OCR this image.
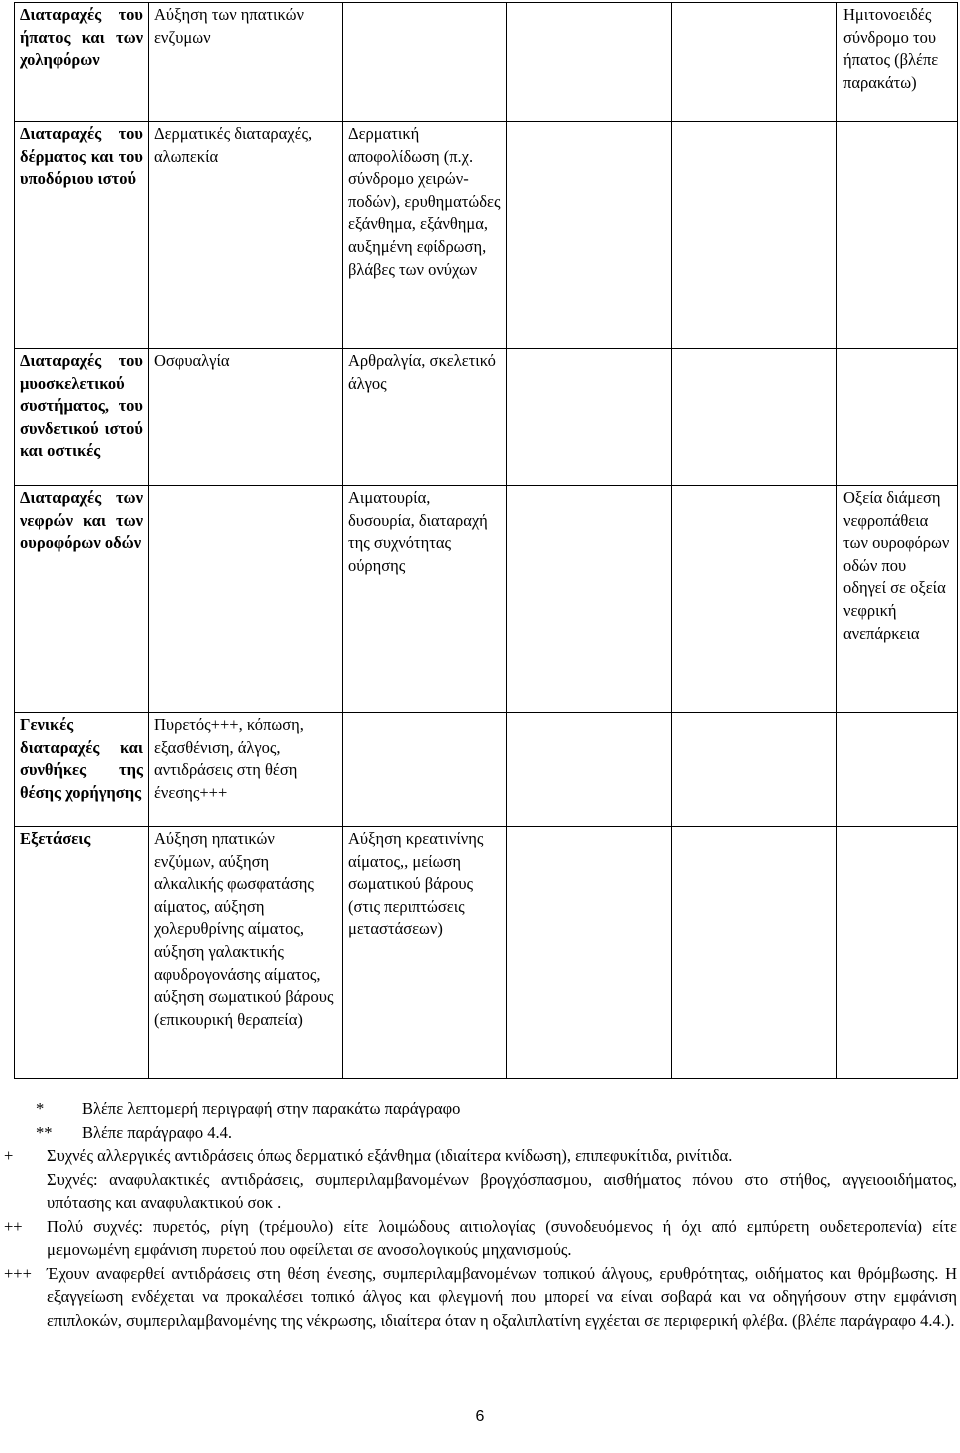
Διαταραχές του ήπατος και των χοληφόρων	Αύξηση των ηπατικών ενζυμων				Ημιτονοειδές σύνδρομο του ήπατος (βλέπε παρακάτω)

Διαταραχές του δέρματος και του υποδόριου ιστού	Δερματικές διαταραχές, αλωπεκία	Δερματική αποφολίδωση (π.χ. σύνδρομο χειρών-ποδών), ερυθηματώδες εξάνθημα, εξάνθημα, αυξημένη εφίδρωση, βλάβες των ονύχων			

Διαταραχές του μυοσκελετικού συστήματος, του συνδετικού ιστού και οστικές	Οσφυαλγία	Αρθραλγία, σκελετικό άλγος			

Διαταραχές των νεφρών και των ουροφόρων οδών		Αιματουρία, δυσουρία, διαταραχή της συχνότητας ούρησης			Οξεία διάμεση νεφροπάθεια των ουροφόρων οδών που οδηγεί σε οξεία νεφρική ανεπάρκεια

Γενικές διαταραχές και συνθήκες της θέσης χορήγησης	Πυρετός+++, κόπωση, εξασθένιση, άλγος, αντιδράσεις στη θέση ένεσης+++				

Εξετάσεις	Αύξηση ηπατικών ενζύμων, αύξηση αλκαλικής φωσφατάσης αίματος, αύξηση χολερυθρίνης αίματος, αύξηση γαλακτικής αφυδρογονάσης αίματος, αύξηση σωματικού βάρους (επικουρική θεραπεία)	Αύξηση κρεατινίνης αίματος,, μείωση σωματικού βάρους (στις περιπτώσεις μεταστάσεων)			

*	Βλέπε λεπτομερή περιγραφή στην παρακάτω παράγραφο
**	Βλέπε παράγραφο 4.4.
+	Συχνές αλλεργικές αντιδράσεις όπως δερματικό εξάνθημα (ιδιαίτερα κνίδωση), επιπεφυκίτιδα, ρινίτιδα.
Συχνές: αναφυλακτικές αντιδράσεις, συμπεριλαμβανομένων βρογχόσπασμου, αισθήματος πόνου στο στήθος, αγγειοοιδήματος, υπότασης και αναφυλακτικού σοκ .
++	Πολύ συχνές: πυρετός, ρίγη (τρέμουλο) είτε λοιμώδους αιτιολογίας (συνοδευόμενος ή όχι από εμπύρετη ουδετεροπενία) είτε μεμονωμένη εμφάνιση πυρετού που οφείλεται σε ανοσολογικούς μηχανισμούς.
+++ Έχουν αναφερθεί αντιδράσεις στη θέση ένεσης, συμπεριλαμβανομένων τοπικού άλγους, ερυθρότητας, οιδήματος και θρόμβωσης. Η εξαγγείωση ενδέχεται να προκαλέσει τοπικό άλγος και φλεγμονή που μπορεί να είναι σοβαρά και να οδηγήσουν στην εμφάνιση επιπλοκών, συμπεριλαμβανομένης της νέκρωσης, ιδιαίτερα όταν η οξαλιπλατίνη εγχέεται σε περιφερική φλέβα. (βλέπε παράγραφο 4.4.).
6
